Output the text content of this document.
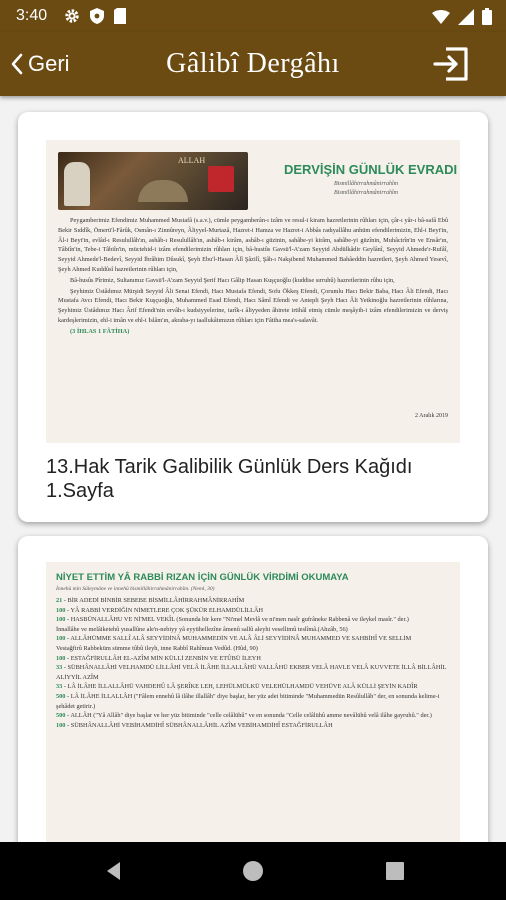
3:40
Geri	Gâlibî Dergâhı
ALLAH
DERVİŞİN GÜNLÜK EVRADI
Bismillâhirrahmânirrahîm
Bismillâhirrahmânirrahîm

Peygamberimiz Efendimiz Muhammed Mustafâ (s.a.v.), cümle peygamberân-ı izâm ve resul-i kiram hazretlerinin rûhları için, çâr-ı yâr-ı bâ-safâ Ebû Bekir Sıddîk, Ömerü'l-Fârûk, Osmân-ı Zinnûreyn, Âliyyel-Murtazâ, Hazret-i Hamza ve Hazret-i Abbâs radıyallâhu anhüm efendilerimizin, Ehl-i Beyt'in, Âl-i Beyt'in, evlâd-ı Resulullâh'ın, ashâb-ı Resulullâh'ın, ashâb-ı kirâm, ashâb-ı güzinin, sahâbe-yi kirâm, sahâbe-yi güzînin, Muhâcirîn'in ve Ensâr'ın, Tâbiîn'in, Tebe-i Tâbiîn'in, müctehid-i izâm efendilerimizin rûhları için, bâ-hustûs Gavsü'l-A'zam Seyyid Abdülkâdir Geylânî, Seyyid Ahmede'r-Rufâî, Seyyid Ahmede'l-Bedevî, Seyyid İbrâhim Dûsukî, Şeyh Ebu'l-Hasan Âlî Şâzilî, Şâh-ı Nakşibend Muhammed Bahâeddin hazretleri, Şeyh Ahmed Yesevî, Şeyh Ahmed Kuddûsî hazretlerinin rûhları için,

Bâ-husûs Pîrimiz, Sultanımız Gavsü'l-A'zam Seyyid Şerif Hacı Gâlip Hasan Kuşçuoğlu (kuddise sırruhû) hazretlerinin rûhu için,

Şeyhimiz Üstâdımız Mürşidi Seyyid Âli Senai Efendi, Hacı Mustafa Efendi, Sofu Ökkeş Efendi, Çorumlu Hacı Bekir Baba, Hacı Âli Efendi, Hacı Mustafa Avcı Efendi, Hacı Bekir Kuşçuoğlu, Muhammed Esad Efendi, Hacı Sâmî Efendi ve Antepli Şeyh Hacı Âli Yetkinoğlu hazretlerinin rûhlarına, Şeyhimiz Üstâdımız Hacı Ârif Efendi'nin ervâh-ı kudsiyyelerine, tarîk-ı âliyyeden âhirete irtihâl etmiş cümle meşâyih-i izâm efendilerimizin ve derviş kardeşlerimizin, ehl-i imân ve ehl-i İslâm'ın, akraba-yı taallukâtımızın rûhları için Fâtiha mea's-salavât.

(3 İHLAS 1 FÂTİHA)

2 Aralık 2019
13.Hak Tarik Galibilik Günlük Ders Kağıdı 1.Sayfa
NİYET ETTİM YÂ RABBİ RIZAN İÇİN GÜNLÜK VİRDİMİ OKUMAYA
İnnehû min Süleymâne ve innehû bismillâhirrahmânirrahîm. (Neml, 30)

21 - BİR ADEDİ BİNBİR SEBEBE BİSMİLLÂHİRRAHMÂNİRRAHÎM

100 - YÂ RABBİ VERDİĞİN NİMETLERE ÇOK ŞÜKÜR ELHAMDÜLİLLÂH

100 - HASBÜNALLÂHU VE Nİ'MEL VEKÎL (Sonunda bir kere "Ni'mel Mevlâ ve ni'men nasîr gufrâneke Rabbenâ ve ileykel masîr." der.)

İnnallâhe ve melâiketehû yusallûne ale'n-nebiyy yâ eyyühellezîne âmenû sallû aleyhi vesellimû teslîmâ.(Ahzâb, 56)

100 - ALLÂHÜMME SALLÎ ALÂ SEYYİDİNÂ MUHAMMEDİN VE ALÂ ÂLİ SEYYİDİNÂ MUHAMMED VE SAHBİHÎ VE SELLİM

Vestağfirû Rabbeküm sümme tûbû ileyh, inne Rabbî Rahîmun Vedûd. (Hûd, 90)

100 - ESTAĞFİRULLÂH EL-AZÎM MİN KÜLLİ ZENBİN VE ETÛBÜ İLEYH

33 - SÜBHÂNALLÂHİ VELHAMDÜ LİLLÂHİ VELÂ İLÂHE İLLALLÂHÜ VALLÂHÜ EKBER VELÂ HAVLE VELÂ KUVVETE İLLÂ BİLLÂHİL ALİYYİL AZÎM

33 - LÂ İLÂHE İLLALLÂHÜ VAHDEHÛ LÂ ŞERÎKE LEH, LEHÜLMÜLKÜ VELEHÜLHAMDÜ VEHÜVE ALÂ KÜLLİ ŞEYİN KADÎR

500 - LÂ İLÂHE İLLALLÂH ("Fâlem ennehû lâ ilâhe illallâh" diye başlar, her yüz adet bitiminde "Muhammedün Resûlullâh" der, en sonunda kelime-i şehâdet getirir.)

500 - ALLÂH ("Yâ Allâh" diye başlar ve her yüz bitiminde "celle celâlühû" ve en sonunda "Celle celâlühû amme nevâlühû velâ ilâhe gayruhû." der.)

100 - SÜBHÂNALLÂHİ VEBİHAMDİHÎ SÜBHÂNALLÂHİL AZÎM VEBİHAMDİHÎ ESTAĞFİRULLÂH
